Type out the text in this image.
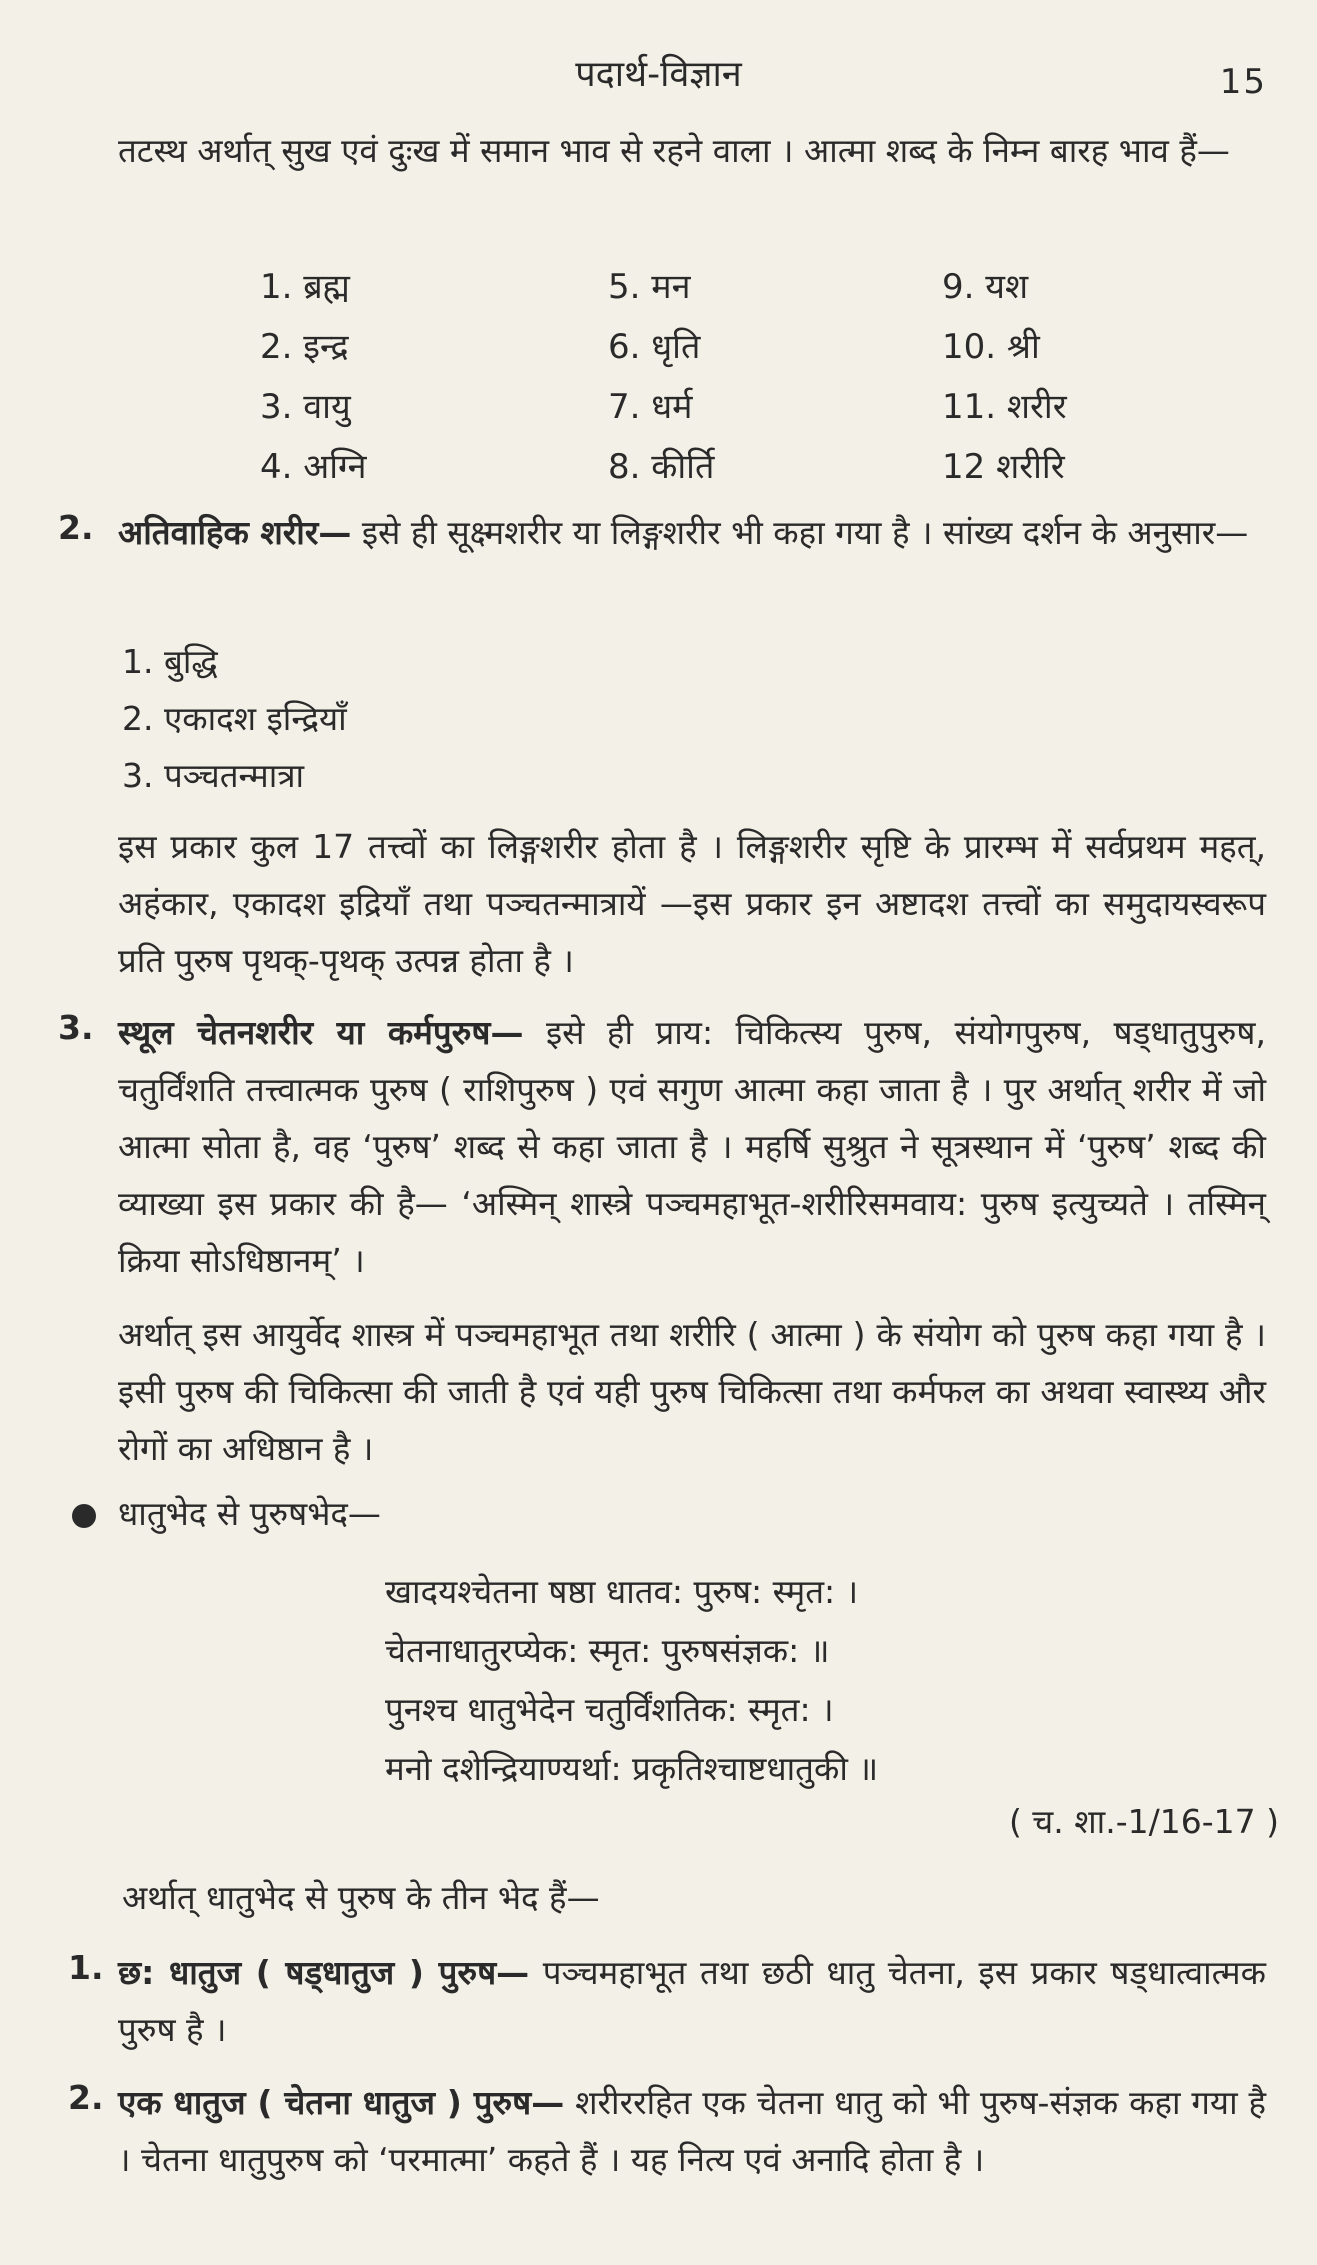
पदार्थ-विज्ञान	15
तटस्थ अर्थात् सुख एवं दुःख में समान भाव से रहने वाला । आत्मा शब्द के निम्न बारह भाव हैं—
1. ब्रह्म
2. इन्द्र
3. वायु
4. अग्नि
5. मन
6. धृति
7. धर्म
8. कीर्ति
9. यश
10. श्री
11. शरीर
12 शरीरि
2. अतिवाहिक शरीर— इसे ही सूक्ष्मशरीर या लिङ्गशरीर भी कहा गया है । सांख्य दर्शन के अनुसार—
1. बुद्धि
2. एकादश इन्द्रियाँ
3. पञ्चतन्मात्रा
इस प्रकार कुल 17 तत्त्वों का लिङ्गशरीर होता है । लिङ्गशरीर सृष्टि के प्रारम्भ में सर्वप्रथम महत्, अहंकार, एकादश इद्रियाँ तथा पञ्चतन्मात्रायें —इस प्रकार इन अष्टादश तत्त्वों का समुदायस्वरूप प्रति पुरुष पृथक्-पृथक् उत्पन्न होता है ।
3. स्थूल चेतनशरीर या कर्मपुरुष— इसे ही प्राय: चिकित्स्य पुरुष, संयोगपुरुष, षड्धातुपुरुष, चतुर्विंशति तत्त्वात्मक पुरुष ( राशिपुरुष ) एवं सगुण आत्मा कहा जाता है । पुर अर्थात् शरीर में जो आत्मा सोता है, वह ‘पुरुष’ शब्द से कहा जाता है । महर्षि सुश्रुत ने सूत्रस्थान में ‘पुरुष’ शब्द की व्याख्या इस प्रकार की है— ‘अस्मिन् शास्त्रे पञ्चमहाभूत-शरीरिसमवाय: पुरुष इत्युच्यते । तस्मिन् क्रिया सोऽधिष्ठानम्’ ।
अर्थात् इस आयुर्वेद शास्त्र में पञ्चमहाभूत तथा शरीरि ( आत्मा ) के संयोग को पुरुष कहा गया है । इसी पुरुष की चिकित्सा की जाती है एवं यही पुरुष चिकित्सा तथा कर्मफल का अथवा स्वास्थ्य और रोगों का अधिष्ठान है ।
धातुभेद से पुरुषभेद—
खादयश्चेतना षष्ठा धातव: पुरुष: स्मृत: ।
चेतनाधातुरप्येक: स्मृत: पुरुषसंज्ञक: ॥
पुनश्च धातुभेदेन चतुर्विंशतिक: स्मृत: ।
मनो दशेन्द्रियाण्यर्था: प्रकृतिश्चाष्टधातुकी ॥
( च. शा.-1/16-17 )
अर्थात् धातुभेद से पुरुष के तीन भेद हैं—
1. छ: धातुज ( षड्धातुज ) पुरुष— पञ्चमहाभूत तथा छठी धातु चेतना, इस प्रकार षड्धात्वात्मक पुरुष है ।
2. एक धातुज ( चेतना धातुज ) पुरुष— शरीररहित एक चेतना धातु को भी पुरुष-संज्ञक कहा गया है । चेतना धातुपुरुष को ‘परमात्मा’ कहते हैं । यह नित्य एवं अनादि होता है ।
